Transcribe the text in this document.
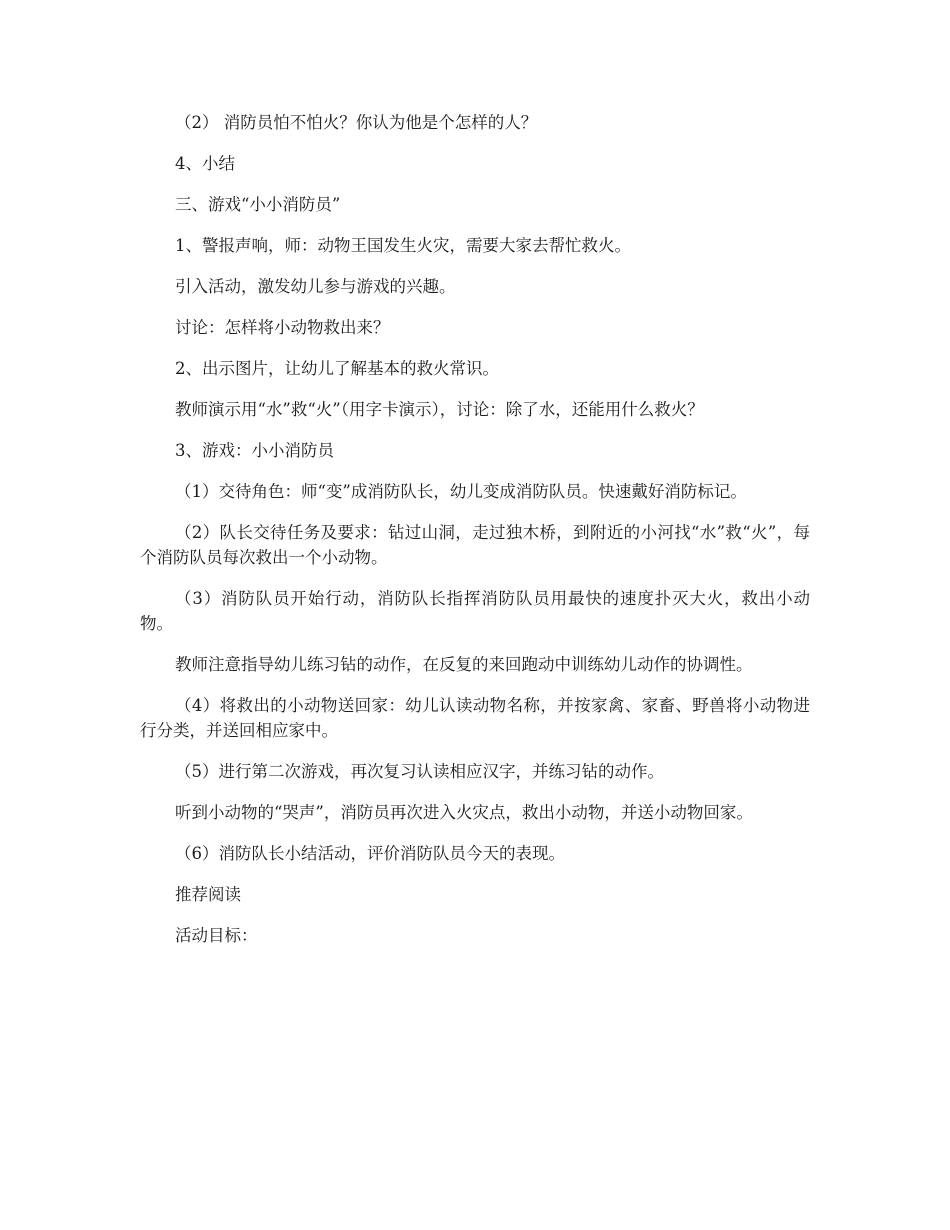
（2） 消防员怕不怕火？你认为他是个怎样的人？

4、小结

三、游戏“小小消防员”

1、警报声响，师：动物王国发生火灾，需要大家去帮忙救火。

引入活动，激发幼儿参与游戏的兴趣。

讨论：怎样将小动物救出来？

2、出示图片，让幼儿了解基本的救火常识。

教师演示用“水”救“火”（用字卡演示），讨论：除了水，还能用什么救火？

3、游戏：小小消防员

（1）交待角色：师“变”成消防队长，幼儿变成消防队员。快速戴好消防标记。

（2）队长交待任务及要求：钻过山洞，走过独木桥，到附近的小河找“水”救“火”，每个消防队员每次救出一个小动物。

（3）消防队员开始行动，消防队长指挥消防队员用最快的速度扑灭大火，救出小动物。

教师注意指导幼儿练习钻的动作，在反复的来回跑动中训练幼儿动作的协调性。

（4）将救出的小动物送回家：幼儿认读动物名称，并按家禽、家畜、野兽将小动物进行分类，并送回相应家中。

（5）进行第二次游戏，再次复习认读相应汉字，并练习钻的动作。

听到小动物的“哭声”，消防员再次进入火灾点，救出小动物，并送小动物回家。

（6）消防队长小结活动，评价消防队员今天的表现。

推荐阅读

活动目标：
